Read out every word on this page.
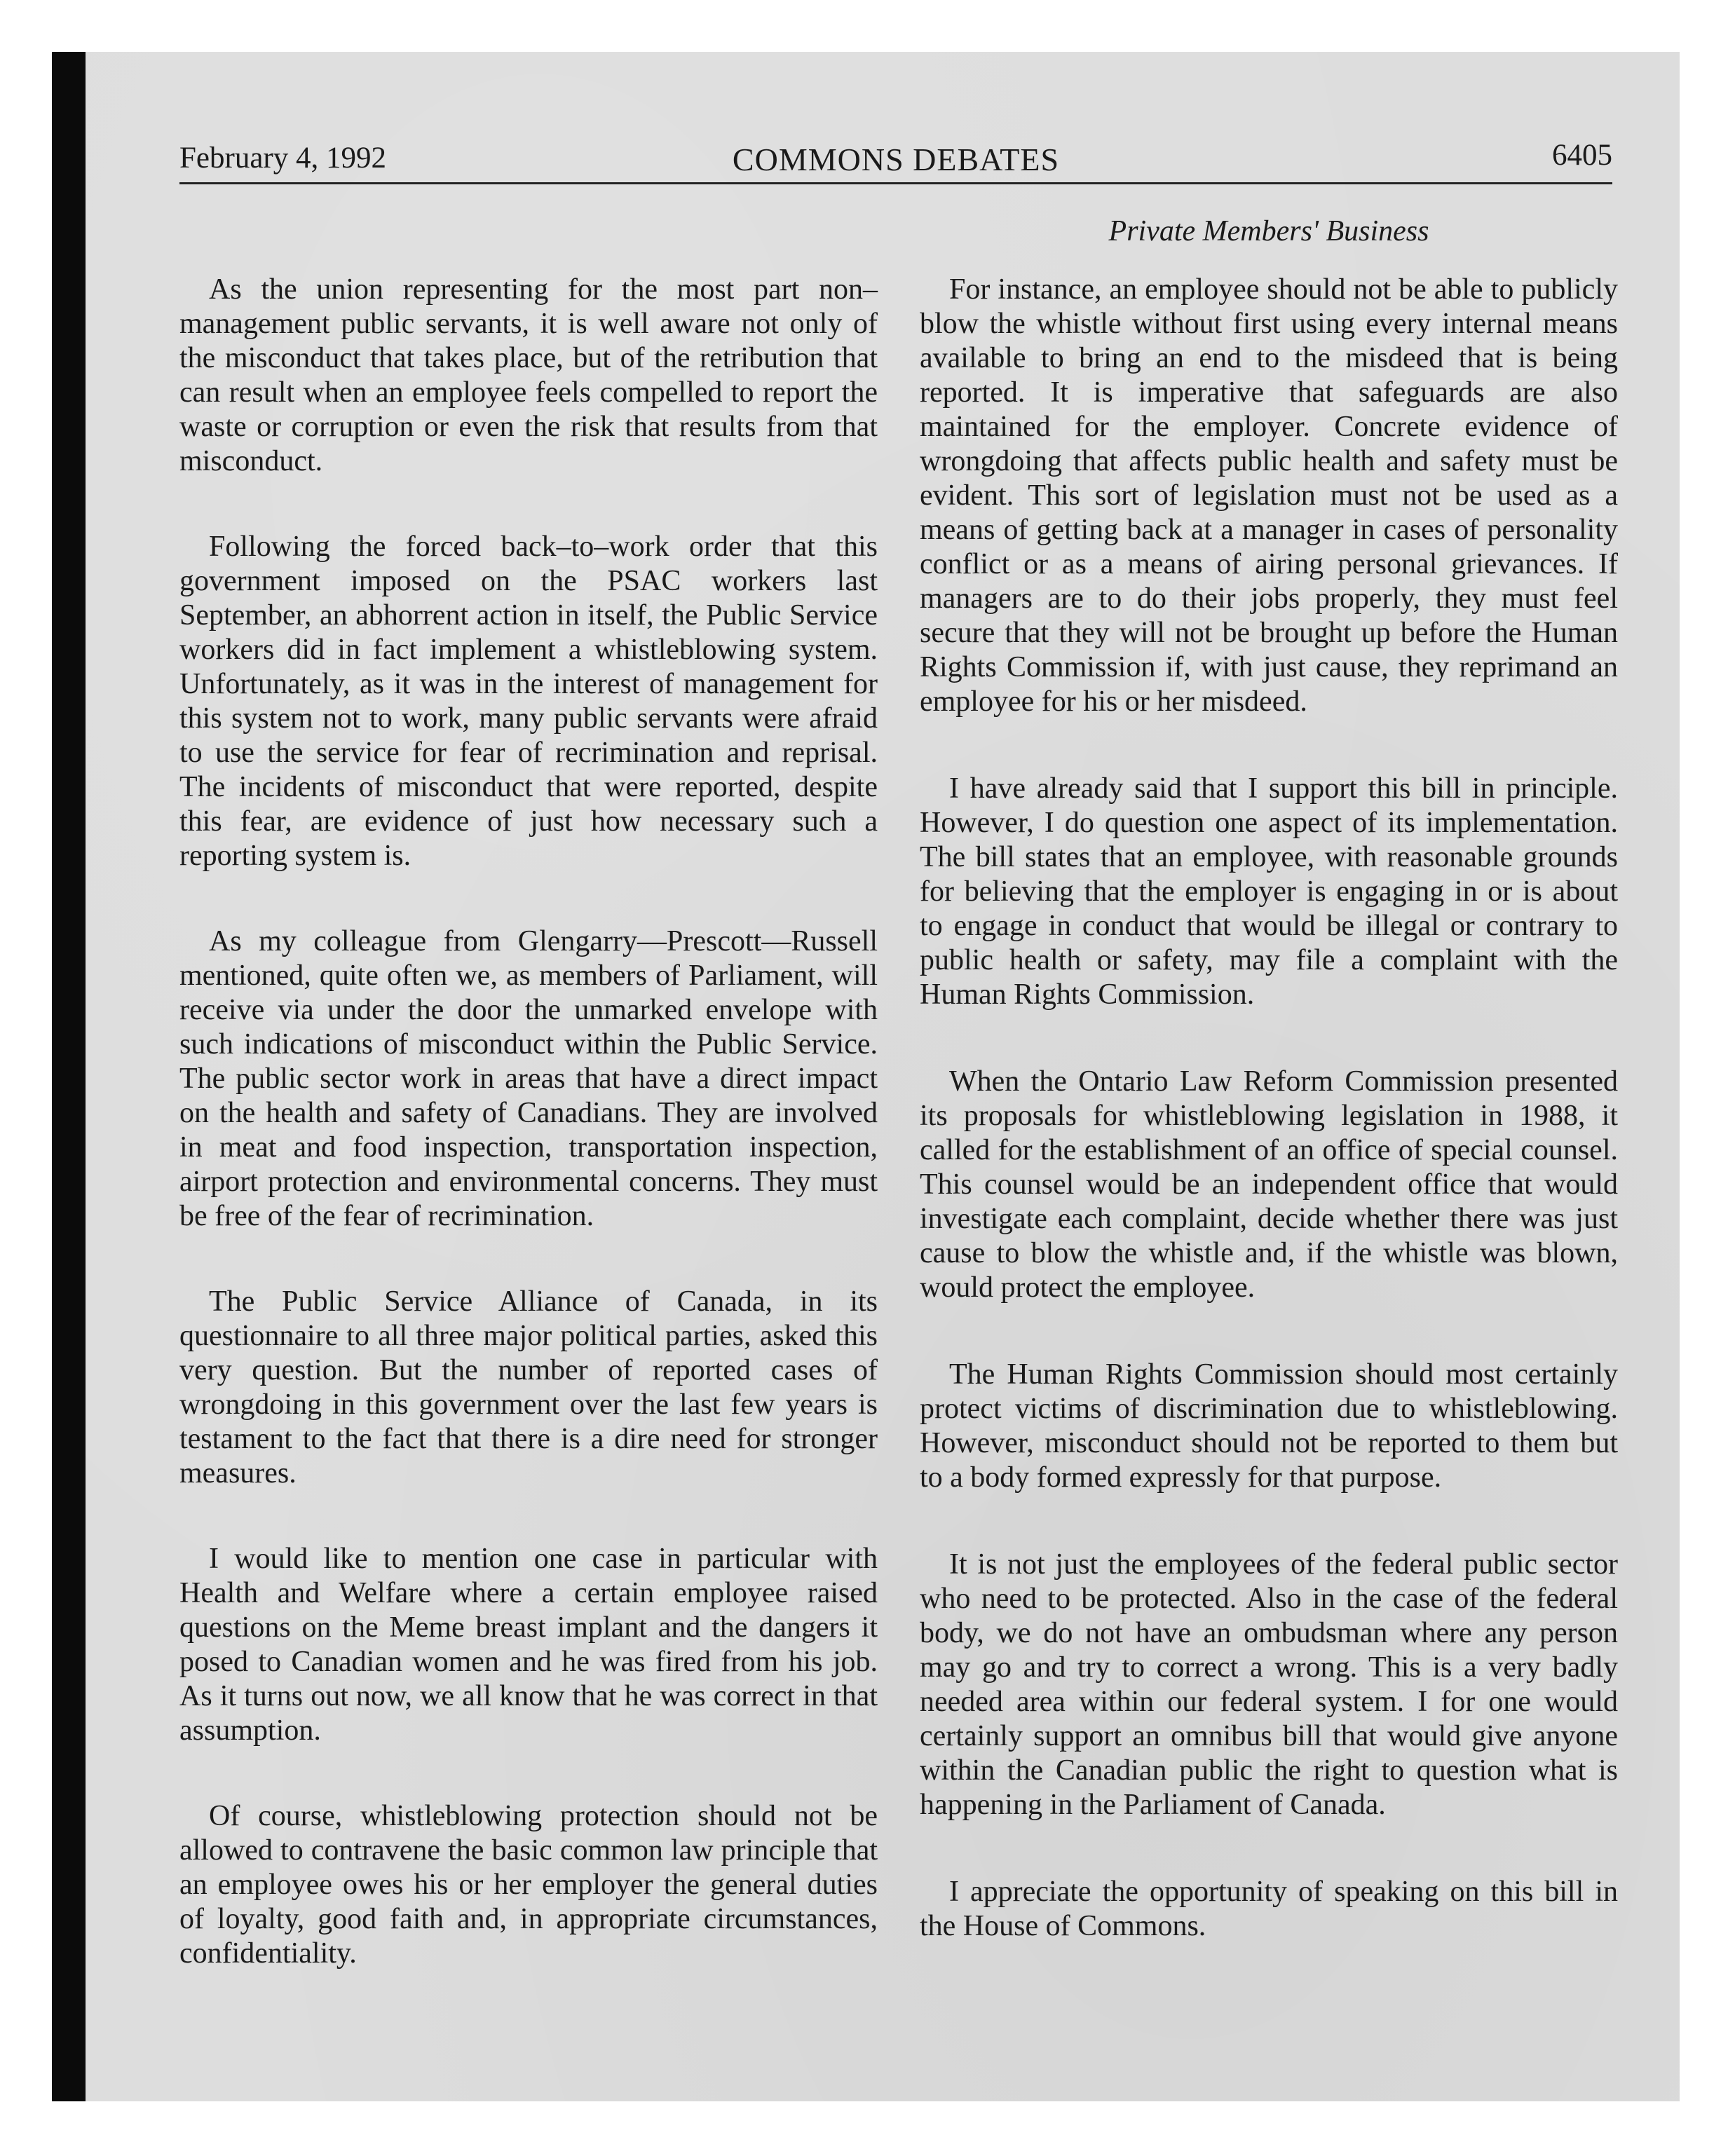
February 4, 1992	COMMONS DEBATES	6405
Private Members' Business

As the union representing for the most part non–management public servants, it is well aware not only of the misconduct that takes place, but of the retribution that can result when an employee feels compelled to report the waste or corruption or even the risk that results from that misconduct.

Following the forced back–to–work order that this government imposed on the PSAC workers last September, an abhorrent action in itself, the Public Service workers did in fact implement a whistleblowing system. Unfortunately, as it was in the interest of management for this system not to work, many public servants were afraid to use the service for fear of recrimination and reprisal. The incidents of misconduct that were reported, despite this fear, are evidence of just how necessary such a reporting system is.

As my colleague from Glengarry—Prescott—Russell mentioned, quite often we, as members of Parliament, will receive via under the door the unmarked envelope with such indications of misconduct within the Public Service. The public sector work in areas that have a direct impact on the health and safety of Canadians. They are involved in meat and food inspection, transportation inspection, airport protection and environmental concerns. They must be free of the fear of recrimination.

The Public Service Alliance of Canada, in its questionnaire to all three major political parties, asked this very question. But the number of reported cases of wrongdoing in this government over the last few years is testament to the fact that there is a dire need for stronger measures.

I would like to mention one case in particular with Health and Welfare where a certain employee raised questions on the Meme breast implant and the dangers it posed to Canadian women and he was fired from his job. As it turns out now, we all know that he was correct in that assumption.

Of course, whistleblowing protection should not be allowed to contravene the basic common law principle that an employee owes his or her employer the general duties of loyalty, good faith and, in appropriate circumstances, confidentiality.

For instance, an employee should not be able to publicly blow the whistle without first using every internal means available to bring an end to the misdeed that is being reported. It is imperative that safeguards are also maintained for the employer. Concrete evidence of wrongdoing that affects public health and safety must be evident. This sort of legislation must not be used as a means of getting back at a manager in cases of personality conflict or as a means of airing personal grievances. If managers are to do their jobs properly, they must feel secure that they will not be brought up before the Human Rights Commission if, with just cause, they reprimand an employee for his or her misdeed.

I have already said that I support this bill in principle. However, I do question one aspect of its implementation. The bill states that an employee, with reasonable grounds for believing that the employer is engaging in or is about to engage in conduct that would be illegal or contrary to public health or safety, may file a complaint with the Human Rights Commission.

When the Ontario Law Reform Commission presented its proposals for whistleblowing legislation in 1988, it called for the establishment of an office of special counsel. This counsel would be an independent office that would investigate each complaint, decide whether there was just cause to blow the whistle and, if the whistle was blown, would protect the employee.

The Human Rights Commission should most certainly protect victims of discrimination due to whistleblowing. However, misconduct should not be reported to them but to a body formed expressly for that purpose.

It is not just the employees of the federal public sector who need to be protected. Also in the case of the federal body, we do not have an ombudsman where any person may go and try to correct a wrong. This is a very badly needed area within our federal system. I for one would certainly support an omnibus bill that would give anyone within the Canadian public the right to question what is happening in the Parliament of Canada.

I appreciate the opportunity of speaking on this bill in the House of Commons.
